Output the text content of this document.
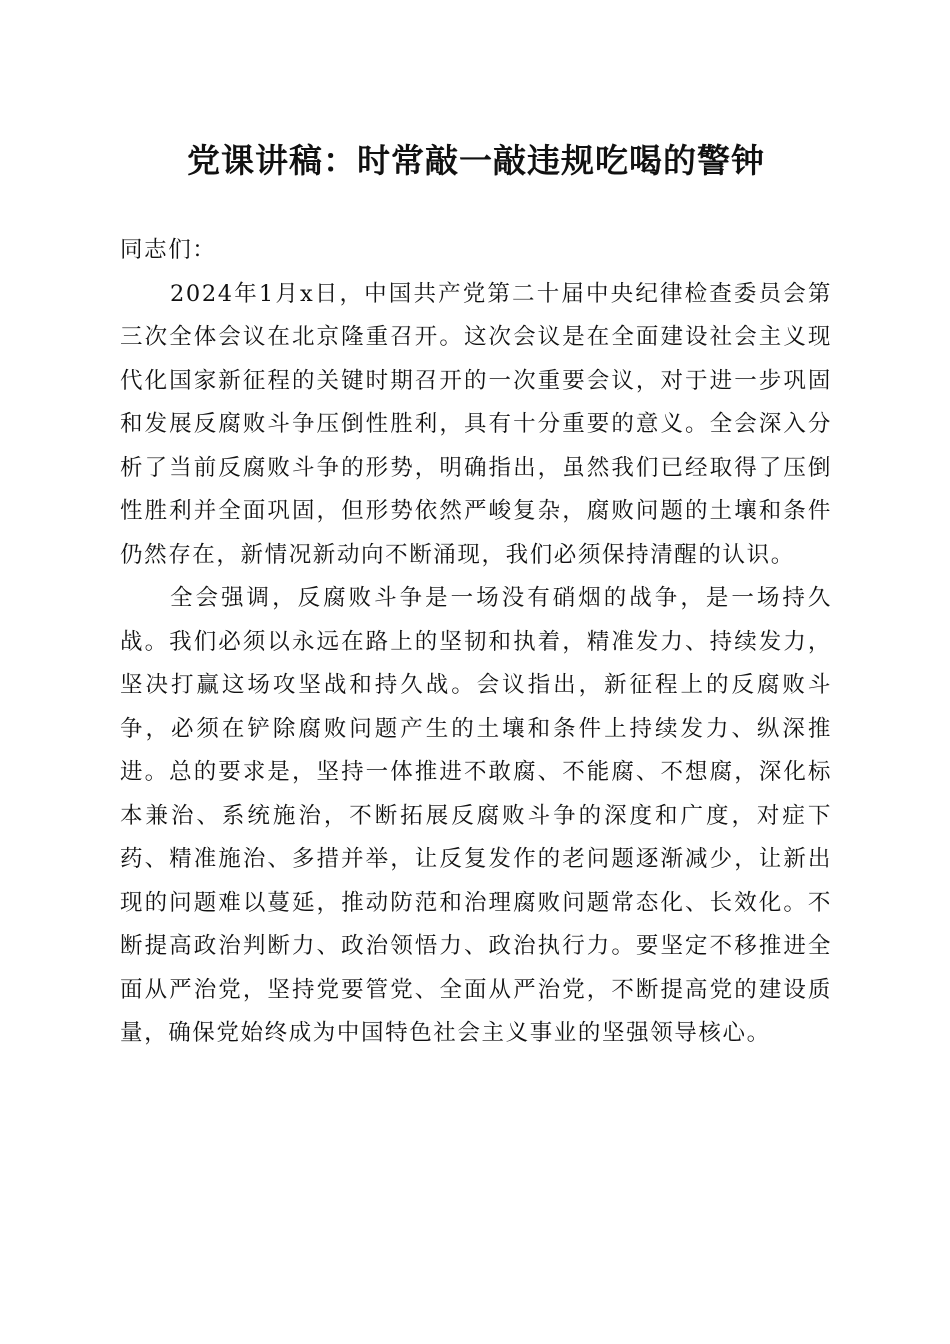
党课讲稿：时常敲一敲违规吃喝的警钟

同志们：

2024年1月x日，中国共产党第二十届中央纪律检查委员会第三次全体会议在北京隆重召开。这次会议是在全面建设社会主义现代化国家新征程的关键时期召开的一次重要会议，对于进一步巩固和发展反腐败斗争压倒性胜利，具有十分重要的意义。全会深入分析了当前反腐败斗争的形势，明确指出，虽然我们已经取得了压倒性胜利并全面巩固，但形势依然严峻复杂，腐败问题的土壤和条件仍然存在，新情况新动向不断涌现，我们必须保持清醒的认识。

全会强调，反腐败斗争是一场没有硝烟的战争，是一场持久战。我们必须以永远在路上的坚韧和执着，精准发力、持续发力，坚决打赢这场攻坚战和持久战。会议指出，新征程上的反腐败斗争，必须在铲除腐败问题产生的土壤和条件上持续发力、纵深推进。总的要求是，坚持一体推进不敢腐、不能腐、不想腐，深化标本兼治、系统施治，不断拓展反腐败斗争的深度和广度，对症下药、精准施治、多措并举，让反复发作的老问题逐渐减少，让新出现的问题难以蔓延，推动防范和治理腐败问题常态化、长效化。不断提高政治判断力、政治领悟力、政治执行力。要坚定不移推进全面从严治党，坚持党要管党、全面从严治党，不断提高党的建设质量，确保党始终成为中国特色社会主义事业的坚强领导核心。
